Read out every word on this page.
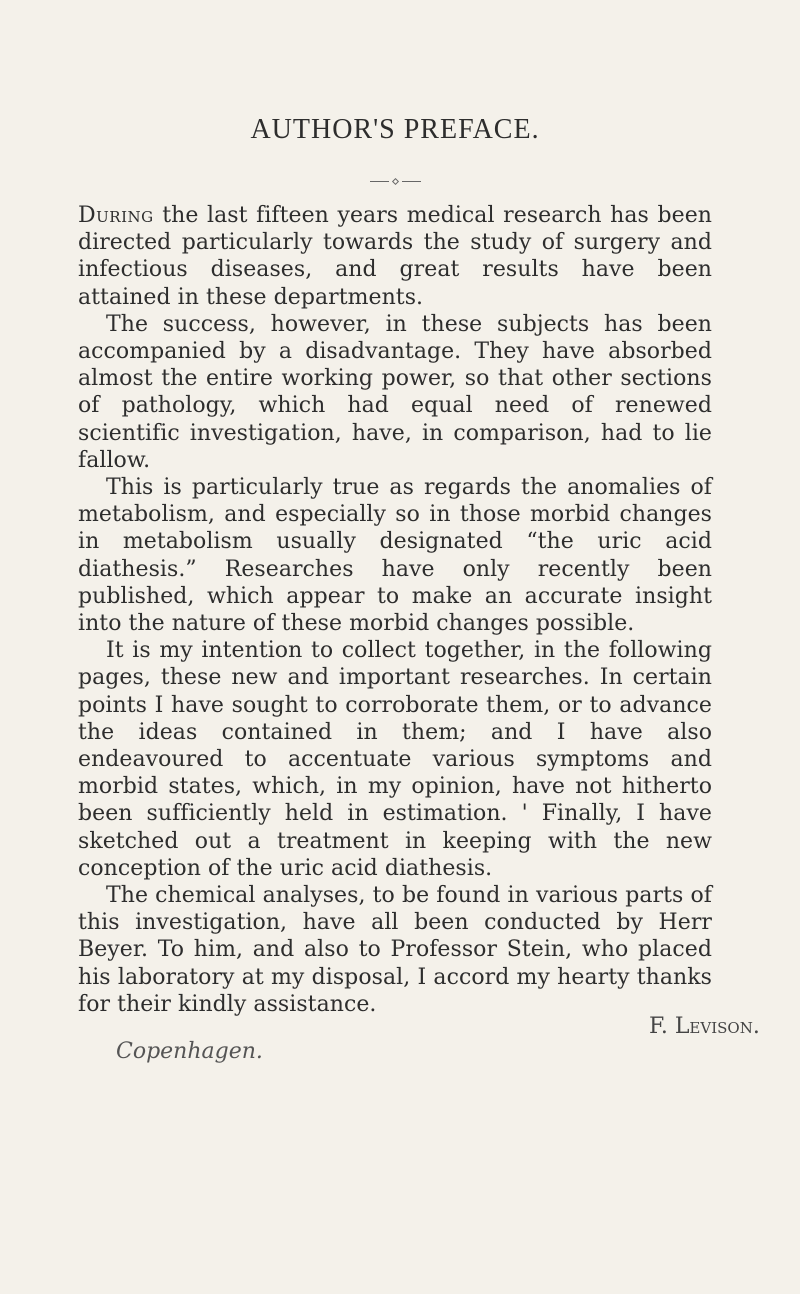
AUTHOR'S PREFACE.

During the last fifteen years medical research has been directed particularly towards the study of surgery and infectious diseases, and great results have been attained in these departments.

The success, however, in these subjects has been accompanied by a disadvantage. They have absorbed almost the entire working power, so that other sections of pathology, which had equal need of renewed scientific investigation, have, in comparison, had to lie fallow.

This is particularly true as regards the anomalies of metabolism, and especially so in those morbid changes in metabolism usually designated “the uric acid diathesis.” Researches have only recently been published, which appear to make an accurate insight into the nature of these morbid changes possible.

It is my intention to collect together, in the following pages, these new and important researches. In certain points I have sought to corroborate them, or to advance the ideas contained in them; and I have also endeavoured to accentuate various symptoms and morbid states, which, in my opinion, have not hitherto been sufficiently held in estimation. ' Finally, I have sketched out a treatment in keeping with the new conception of the uric acid diathesis.

The chemical analyses, to be found in various parts of this investigation, have all been conducted by Herr Beyer. To him, and also to Professor Stein, who placed his laboratory at my disposal, I accord my hearty thanks for their kindly assistance.

F. Levison.
Copenhagen.
